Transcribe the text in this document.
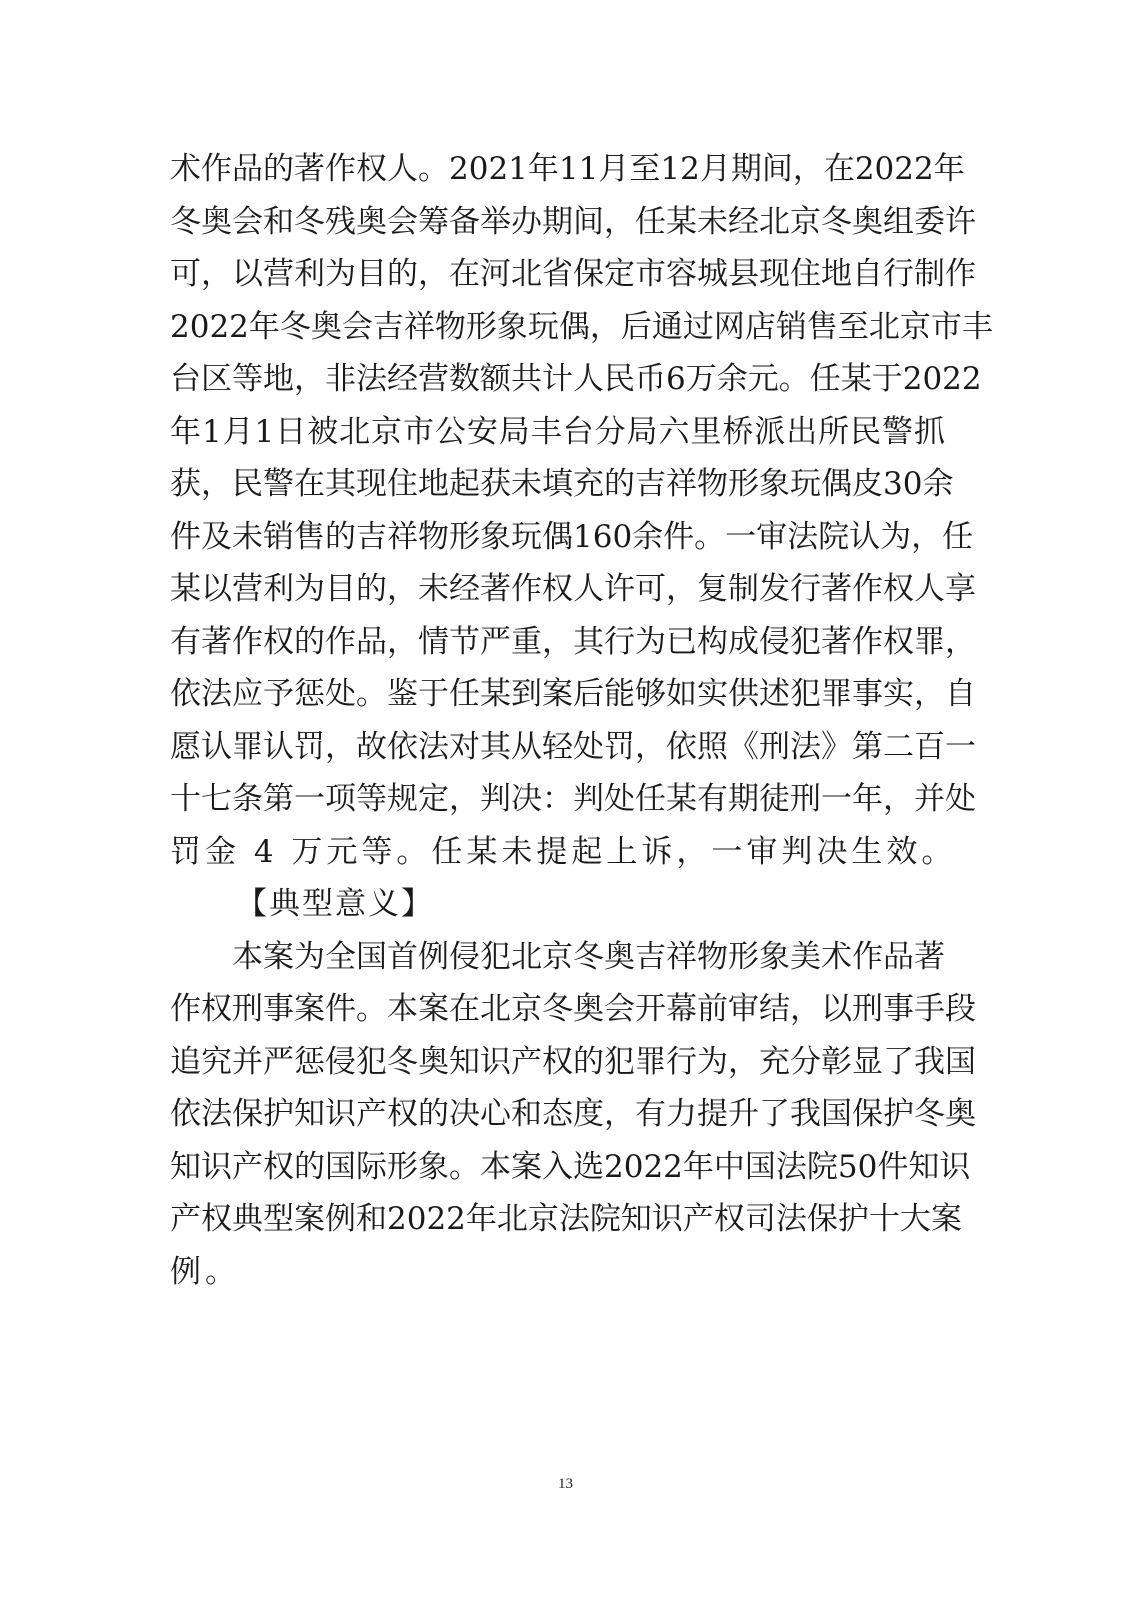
术 作 品 的 著 作 权 人 。 2021 年 11 月 至 12 月 期 间 ， 在 2022 年
冬 奥 会 和 冬 残 奥 会 筹 备 举 办 期 间 ， 任 某 未 经 北 京 冬 奥 组 委 许
可 ， 以 营 利 为 目 的 ， 在 河 北 省 保 定 市 容 城 县 现 住 地 自 行 制 作
2022 年 冬 奥 会 吉 祥 物 形 象 玩 偶 ， 后 通 过 网 店 销 售 至 北 京 市 丰
台 区 等 地 ， 非 法 经 营 数 额 共 计 人 民 币 6 万 余 元 。 任 某 于 2022
年 1 月 1 日 被 北 京 市 公 安 局 丰 台 分 局 六 里 桥 派 出 所 民 警 抓
获 ， 民 警 在 其 现 住 地 起 获 未 填 充 的 吉 祥 物 形 象 玩 偶 皮 30 余
件 及 未 销 售 的 吉 祥 物 形 象 玩 偶 160 余 件 。 一 审 法 院 认 为 ， 任
某 以 营 利 为 目 的 ， 未 经 著 作 权 人 许 可 ， 复 制 发 行 著 作 权 人 享
有 著 作 权 的 作 品 ， 情 节 严 重 ， 其 行 为 已 构 成 侵 犯 著 作 权 罪 ，
依 法 应 予 惩 处 。 鉴 于 任 某 到 案 后 能 够 如 实 供 述 犯 罪 事 实 ， 自
愿 认 罪 认 罚 ， 故 依 法 对 其 从 轻 处 罚 ， 依 照 《 刑 法 》 第 二 百 一
十 七 条 第 一 项 等 规 定 ， 判 决 ： 判 处 任 某 有 期 徒 刑 一 年 ， 并 处
罚金 4 万元等。任某未提起上诉，一审判决生效。
【典型意义】
本 案 为 全 国 首 例 侵 犯 北 京 冬 奥 吉 祥 物 形 象 美 术 作 品 著
作 权 刑 事 案 件 。 本 案 在 北 京 冬 奥 会 开 幕 前 审 结 ， 以 刑 事 手 段
追 究 并 严 惩 侵 犯 冬 奥 知 识 产 权 的 犯 罪 行 为 ， 充 分 彰 显 了 我 国
依 法 保 护 知 识 产 权 的 决 心 和 态 度 ， 有 力 提 升 了 我 国 保 护 冬 奥
知 识 产 权 的 国 际 形 象 。 本 案 入 选 2022 年 中 国 法 院 50 件 知 识
产 权 典 型 案 例 和 2022 年 北 京 法 院 知 识 产 权 司 法 保 护 十 大 案
例。
13
